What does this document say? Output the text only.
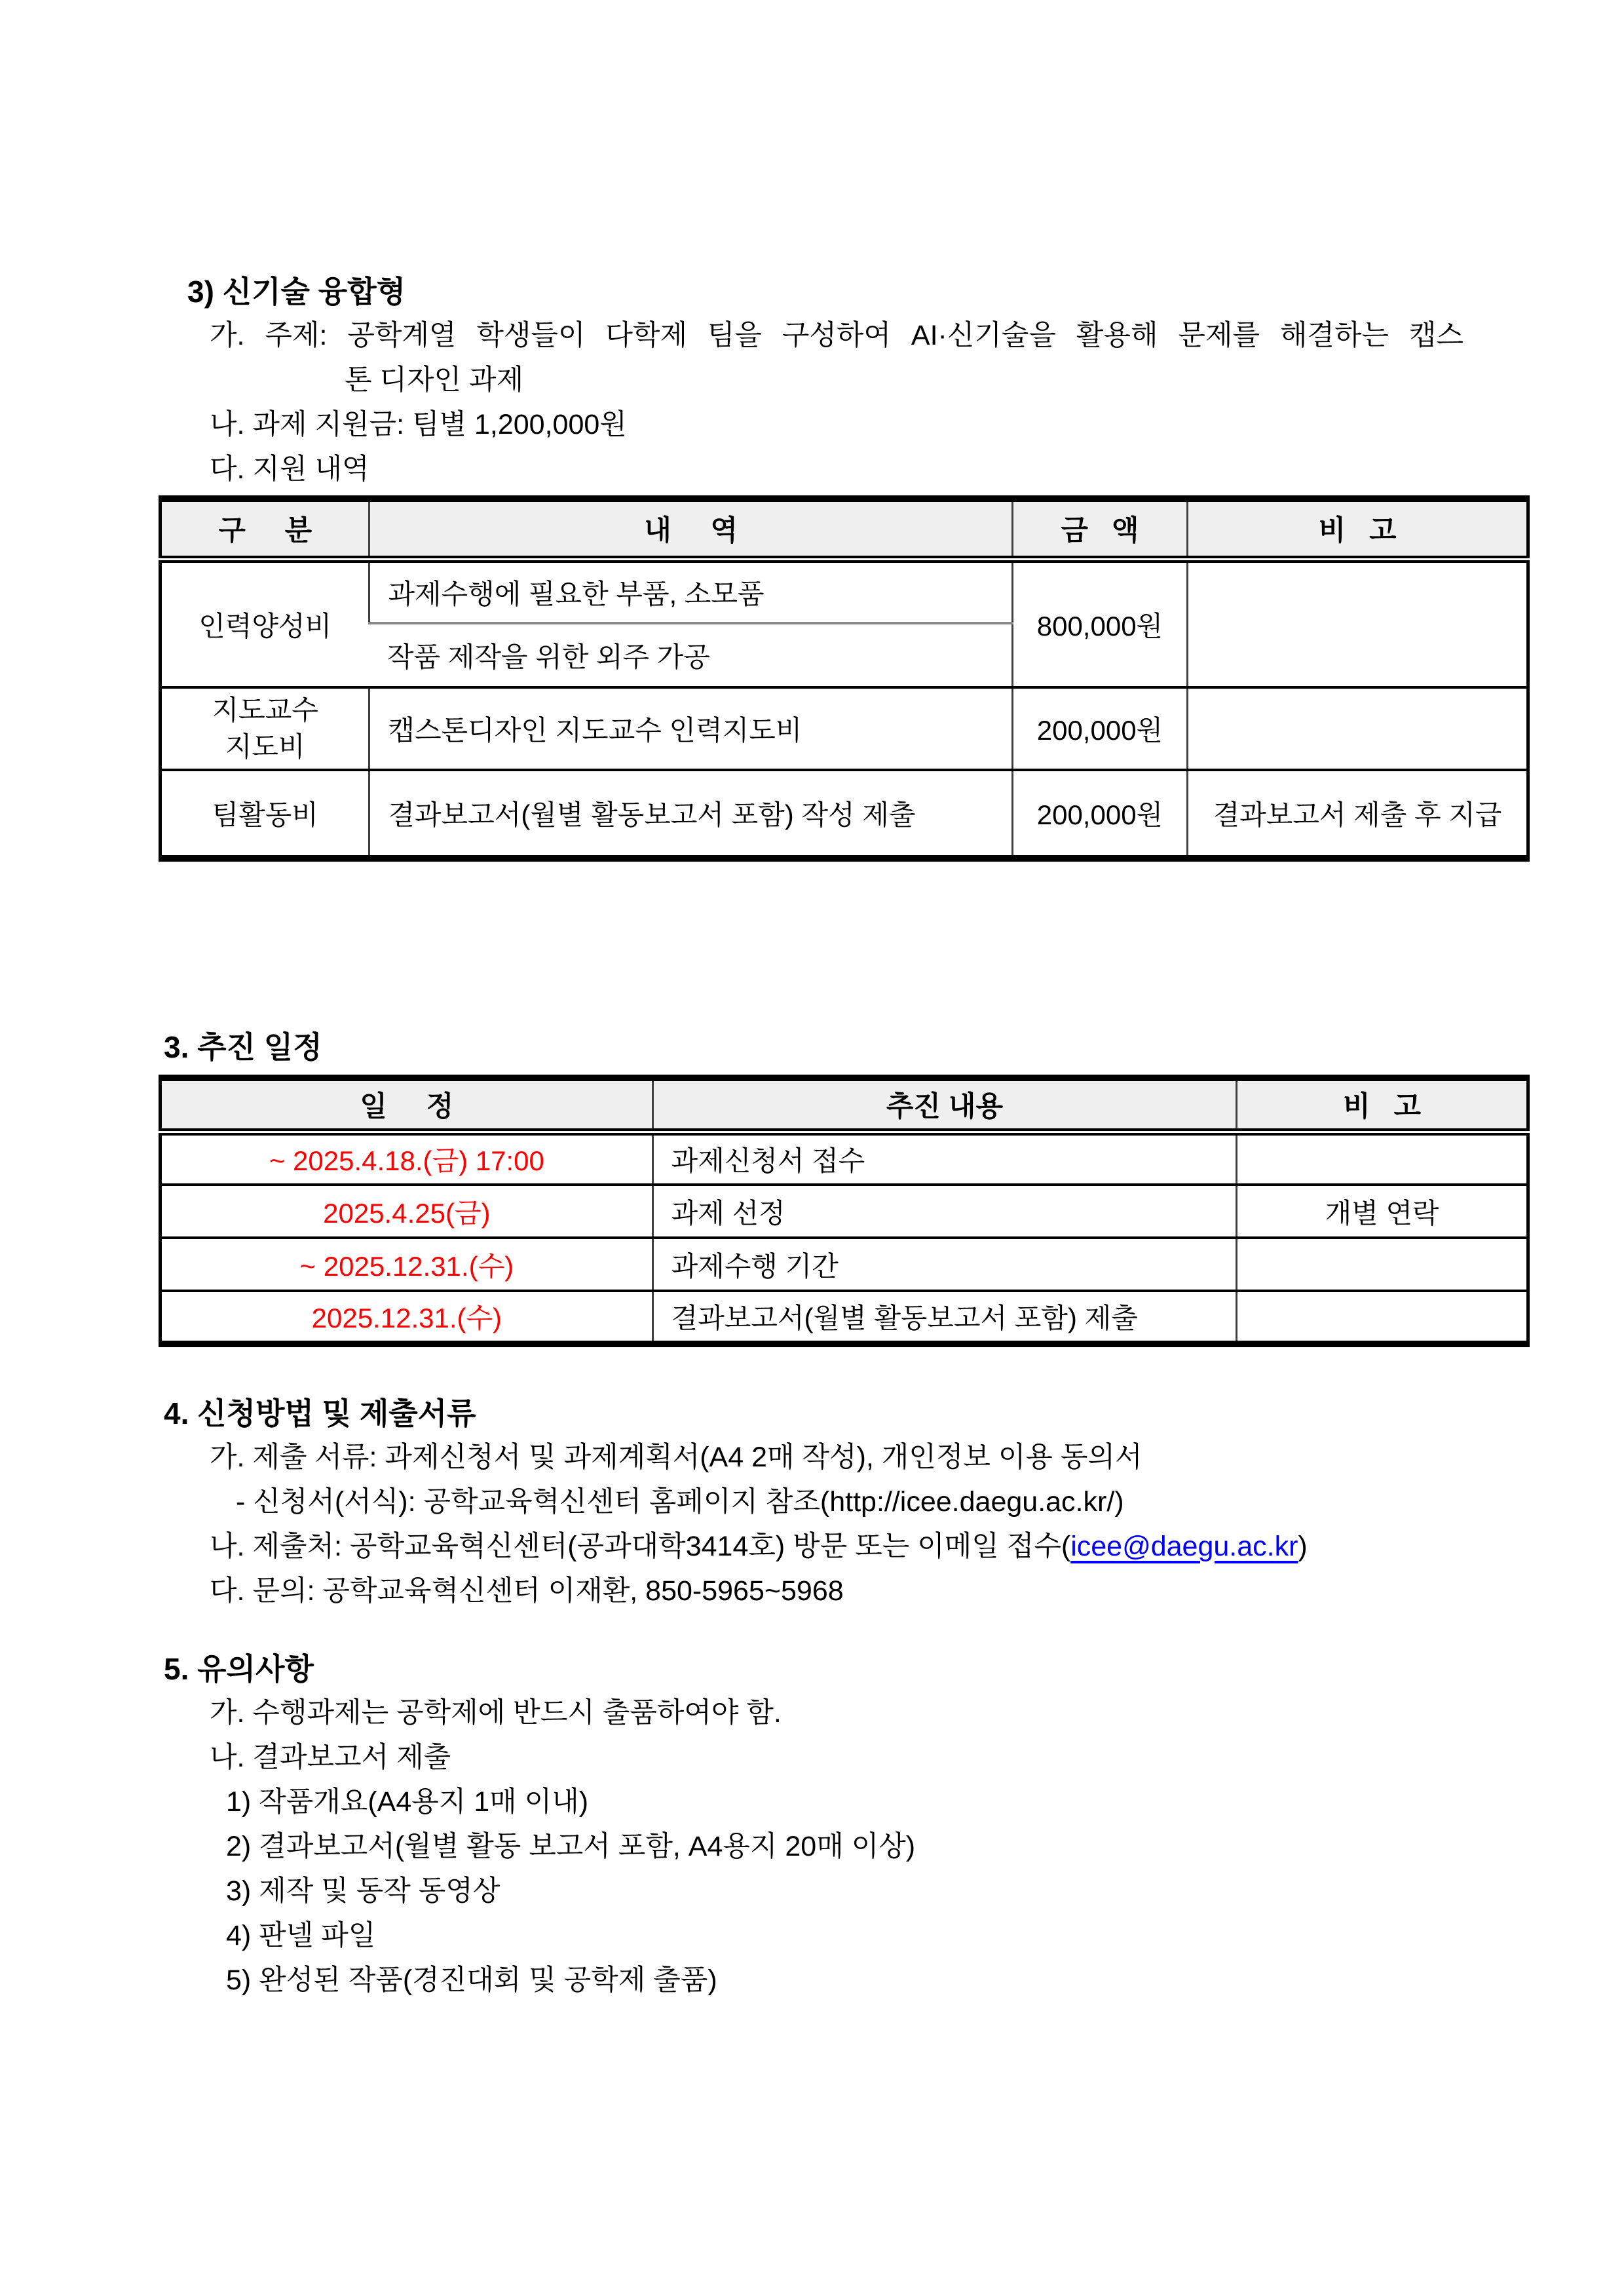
3) 신기술 융합형
가. 주제: 공학계열 학생들이 다학제 팀을 구성하여 AI·신기술을 활용해 문제를 해결하는 캡스
톤 디자인 과제
나. 과제 지원금: 팀별 1,200,000원
다. 지원 내역
구     분	내     역	금   액	비   고
인력양성비	과제수행에 필요한 부품, 소모품	800,000원	
	작품 제작을 위한 외주 가공		

지도교수
지도비	캡스톤디자인 지도교수 인력지도비	200,000원	
팀활동비	결과보고서(월별 활동보고서 포함) 작성 제출	200,000원	결과보고서 제출 후 지급
3. 추진 일정
일     정	추진 내용	비   고
~ 2025.4.18.(금) 17:00	과제신청서 접수	
2025.4.25(금)	과제 선정	개별 연락
~ 2025.12.31.(수)	과제수행 기간	
2025.12.31.(수)	결과보고서(월별 활동보고서 포함) 제출	
4. 신청방법 및 제출서류
가. 제출 서류: 과제신청서 및 과제계획서(A4 2매 작성), 개인정보 이용 동의서
- 신청서(서식): 공학교육혁신센터 홈페이지 참조(http://icee.daegu.ac.kr/)
나. 제출처: 공학교육혁신센터(공과대학3414호) 방문 또는 이메일 접수(icee@daegu.ac.kr)
다. 문의: 공학교육혁신센터 이재환, 850-5965~5968
5. 유의사항
가. 수행과제는 공학제에 반드시 출품하여야 함.
나. 결과보고서 제출
1) 작품개요(A4용지 1매 이내)
2) 결과보고서(월별 활동 보고서 포함, A4용지 20매 이상)
3) 제작 및 동작 동영상
4) 판넬 파일
5) 완성된 작품(경진대회 및 공학제 출품)
